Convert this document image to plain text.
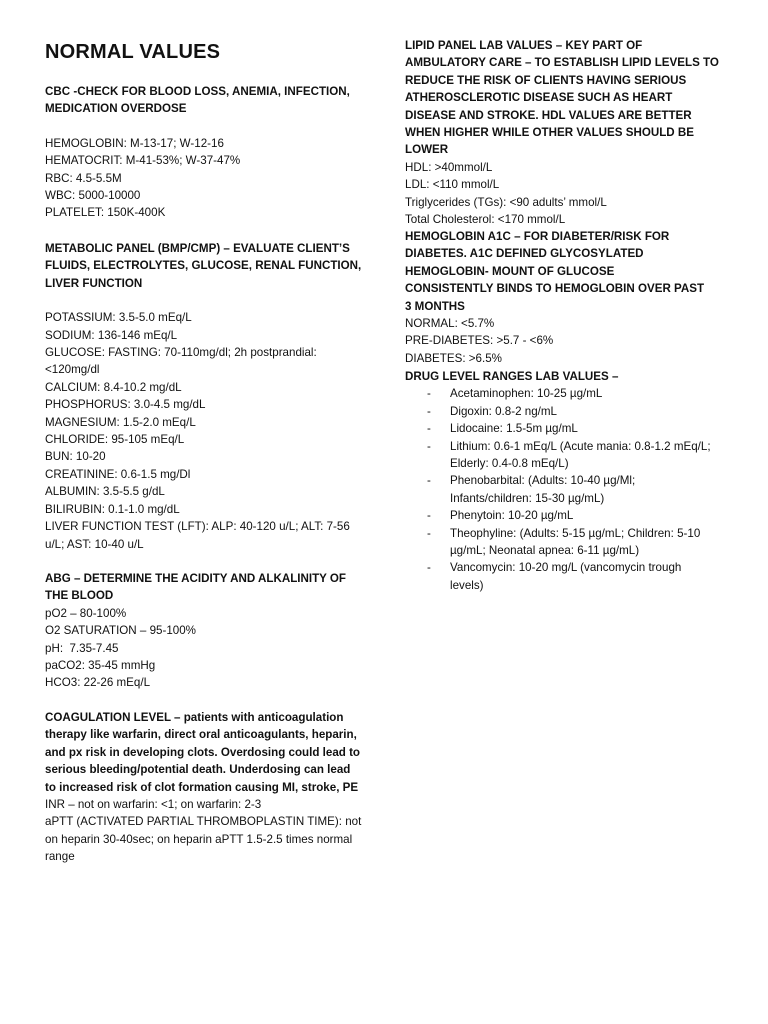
NORMAL VALUES
CBC -CHECK FOR BLOOD LOSS, ANEMIA, INFECTION, MEDICATION OVERDOSE
HEMOGLOBIN: M-13-17; W-12-16
HEMATOCRIT: M-41-53%; W-37-47%
RBC: 4.5-5.5M
WBC: 5000-10000
PLATELET: 150K-400K
METABOLIC PANEL (BMP/CMP) – EVALUATE CLIENT’S FLUIDS, ELECTROLYTES, GLUCOSE, RENAL FUNCTION, LIVER FUNCTION
POTASSIUM: 3.5-5.0 mEq/L
SODIUM: 136-146 mEq/L
GLUCOSE: FASTING: 70-110mg/dl; 2h postprandial: <120mg/dl
CALCIUM: 8.4-10.2 mg/dL
PHOSPHORUS: 3.0-4.5 mg/dL
MAGNESIUM: 1.5-2.0 mEq/L
CHLORIDE: 95-105 mEq/L
BUN: 10-20
CREATININE: 0.6-1.5 mg/Dl
ALBUMIN: 3.5-5.5 g/dL
BILIRUBIN: 0.1-1.0 mg/dL
LIVER FUNCTION TEST (LFT): ALP: 40-120 u/L; ALT: 7-56 u/L; AST: 10-40 u/L
ABG – DETERMINE THE ACIDITY AND ALKALINITY OF THE BLOOD
pO2 – 80-100%
O2 SATURATION – 95-100%
pH:  7.35-7.45
paCO2: 35-45 mmHg
HCO3: 22-26 mEq/L
COAGULATION LEVEL – patients with anticoagulation therapy like warfarin, direct oral anticoagulants, heparin, and px risk in developing clots. Overdosing could lead to serious bleeding/potential death. Underdosing can lead to increased risk of clot formation causing MI, stroke, PE
INR – not on warfarin: <1; on warfarin: 2-3
aPTT (ACTIVATED PARTIAL THROMBOPLASTIN TIME): not on heparin 30-40sec; on heparin aPTT 1.5-2.5 times normal range
LIPID PANEL LAB VALUES – KEY PART OF AMBULATORY CARE – TO ESTABLISH LIPID LEVELS TO REDUCE THE RISK OF CLIENTS HAVING SERIOUS ATHEROSCLEROTIC DISEASE SUCH AS HEART DISEASE AND STROKE. HDL VALUES ARE BETTER WHEN HIGHER WHILE OTHER VALUES SHOULD BE LOWER
HDL: >40mmol/L
LDL: <110 mmol/L
Triglycerides (TGs): <90 adults’ mmol/L
Total Cholesterol: <170 mmol/L
HEMOGLOBIN A1C – FOR DIABETER/RISK FOR DIABETES. A1C DEFINED GLYCOSYLATED HEMOGLOBIN- MOUNT OF GLUCOSE CONSISTENTLY BINDS TO HEMOGLOBIN OVER PAST 3 MONTHS
NORMAL: <5.7%
PRE-DIABETES: >5.7 - <6%
DIABETES: >6.5%
DRUG LEVEL RANGES LAB VALUES –
- Acetaminophen: 10-25 µg/mL
- Digoxin: 0.8-2 ng/mL
- Lidocaine: 1.5-5m µg/mL
- Lithium: 0.6-1 mEq/L (Acute mania: 0.8-1.2 mEq/L; Elderly: 0.4-0.8 mEq/L)
- Phenobarbital: (Adults: 10-40 µg/Ml; Infants/children: 15-30 µg/mL)
- Phenytoin: 10-20 µg/mL
- Theophyline: (Adults: 5-15 µg/mL; Children: 5-10 µg/mL; Neonatal apnea: 6-11 µg/mL)
- Vancomycin: 10-20 mg/L (vancomycin trough levels)
